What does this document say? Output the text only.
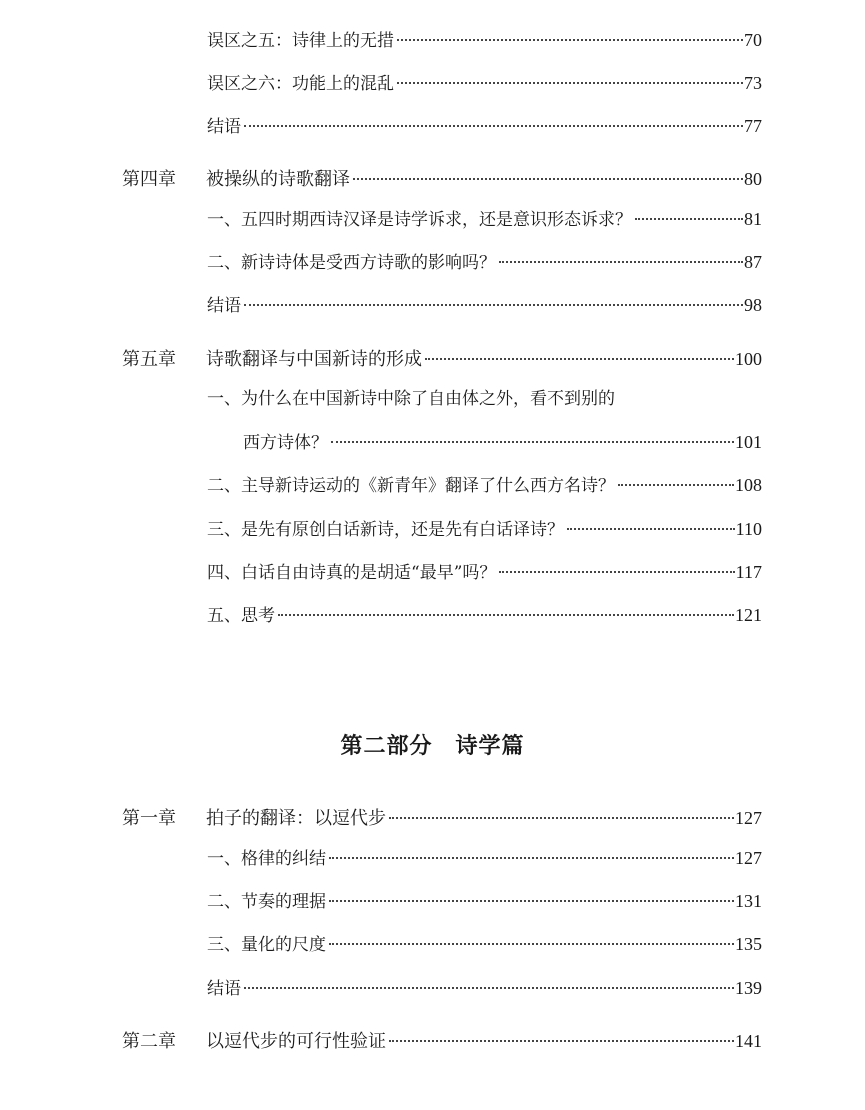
误区之五：诗律上的无措	70
误区之六：功能上的混乱	73
结语	77
第四章	被操纵的诗歌翻译	80
一、五四时期西诗汉译是诗学诉求，还是意识形态诉求？	81
二、新诗诗体是受西方诗歌的影响吗？	87
结语	98
第五章	诗歌翻译与中国新诗的形成	100
一、为什么在中国新诗中除了自由体之外，看不到别的
西方诗体？	101
二、主导新诗运动的《新青年》翻译了什么西方名诗？	108
三、是先有原创白话新诗，还是先有白话译诗？	110
四、白话自由诗真的是胡适“最早”吗？	117
五、思考	121
第二部分　诗学篇
第一章	拍子的翻译：以逗代步	127
一、格律的纠结	127
二、节奏的理据	131
三、量化的尺度	135
结语	139
第二章	以逗代步的可行性验证	141
